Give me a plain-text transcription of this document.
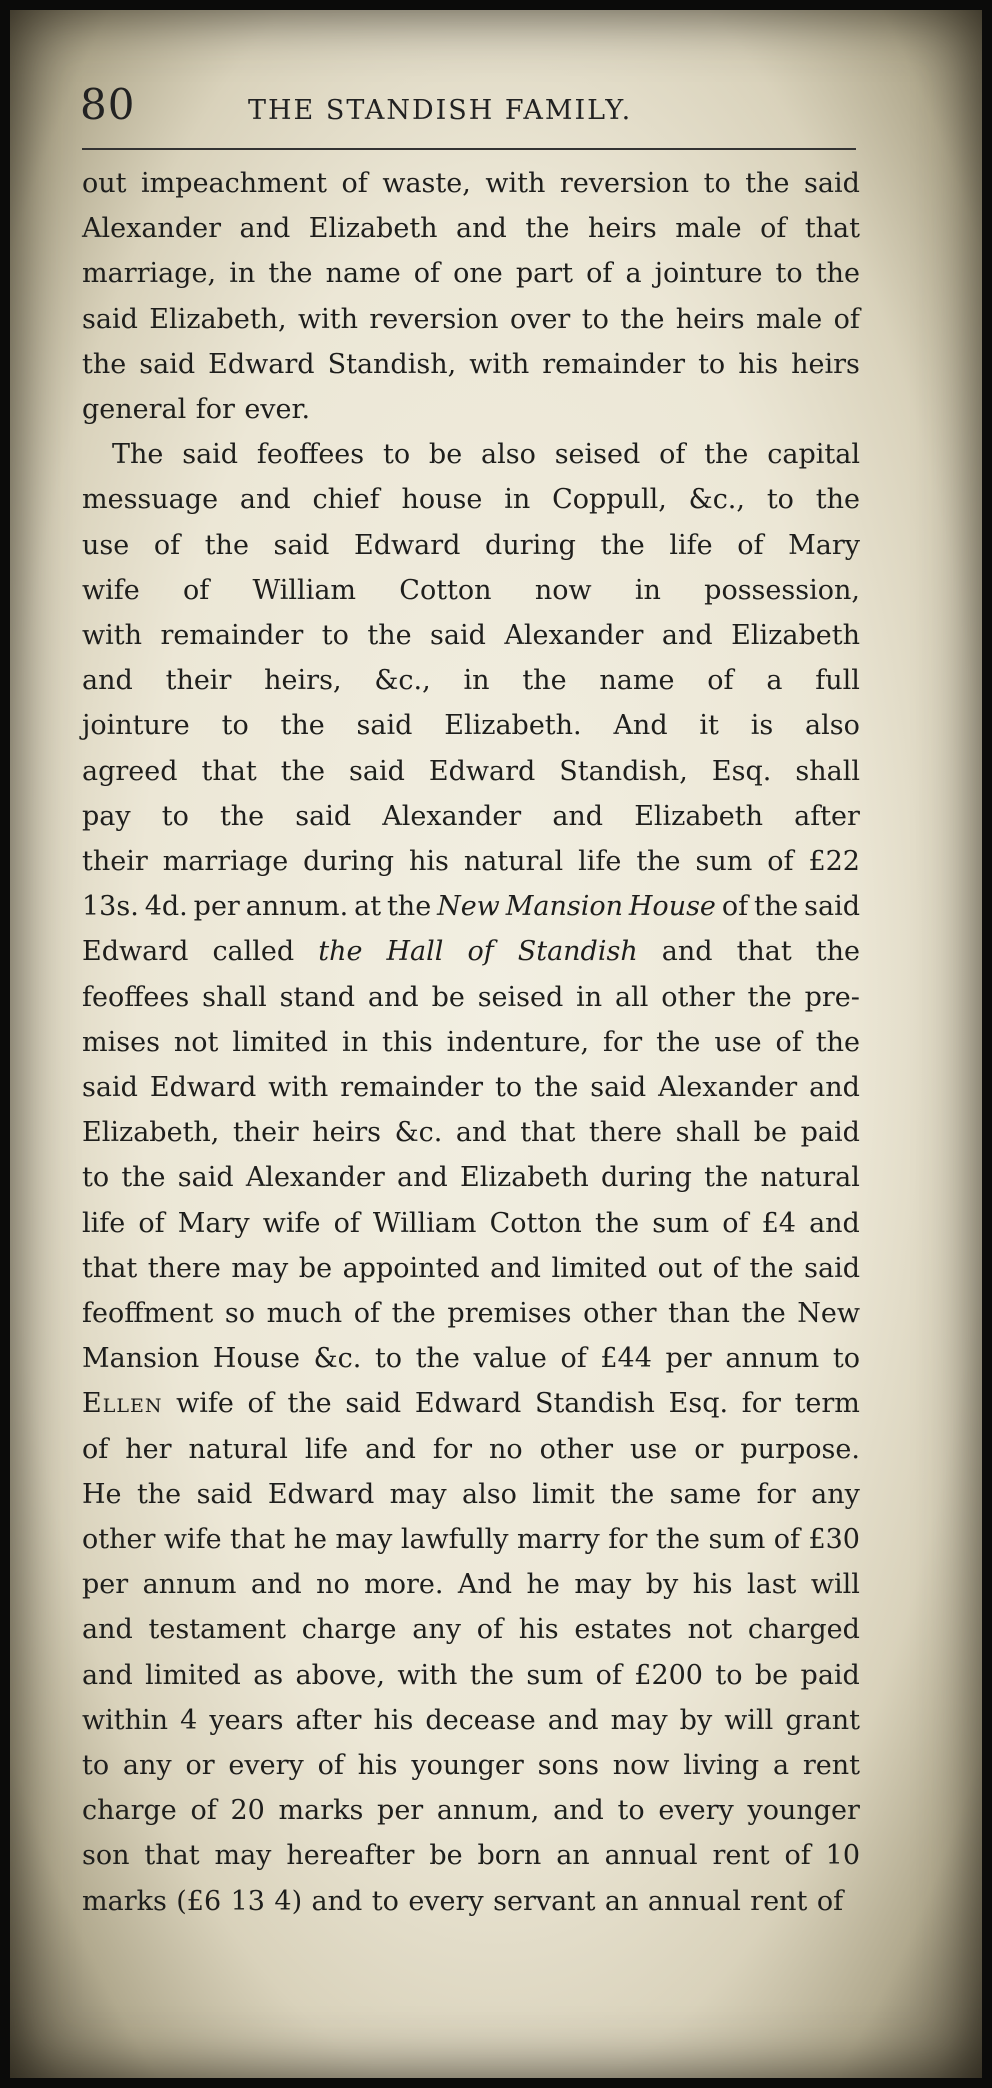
80	THE STANDISH FAMILY.
out impeachment of waste, with reversion to the said
Alexander and Elizabeth and the heirs male of that
marriage, in the name of one part of a jointure to the
said Elizabeth, with reversion over to the heirs male of
the said Edward Standish, with remainder to his heirs
general for ever.
The said feoffees to be also seised of the capital
messuage and chief house in Coppull, &c., to the
use of the said Edward during the life of Mary
wife of William Cotton now in possession,
with remainder to the said Alexander and Elizabeth
and their heirs, &c., in the name of a full
jointure to the said Elizabeth. And it is also
agreed that the said Edward Standish, Esq. shall
pay to the said Alexander and Elizabeth after
their marriage during his natural life the sum of £22
13s. 4d. per annum. at the New Mansion House of the said
Edward called the Hall of Standish and that the
feoffees shall stand and be seised in all other the pre-
mises not limited in this indenture, for the use of the
said Edward with remainder to the said Alexander and
Elizabeth, their heirs &c. and that there shall be paid
to the said Alexander and Elizabeth during the natural
life of Mary wife of William Cotton the sum of £4 and
that there may be appointed and limited out of the said
feoffment so much of the premises other than the New
Mansion House &c. to the value of £44 per annum to
Ellen wife of the said Edward Standish Esq. for term
of her natural life and for no other use or purpose.
He the said Edward may also limit the same for any
other wife that he may lawfully marry for the sum of £30
per annum and no more. And he may by his last will
and testament charge any of his estates not charged
and limited as above, with the sum of £200 to be paid
within 4 years after his decease and may by will grant
to any or every of his younger sons now living a rent
charge of 20 marks per annum, and to every younger
son that may hereafter be born an annual rent of 10
marks (£6 13 4) and to every servant an annual rent of
